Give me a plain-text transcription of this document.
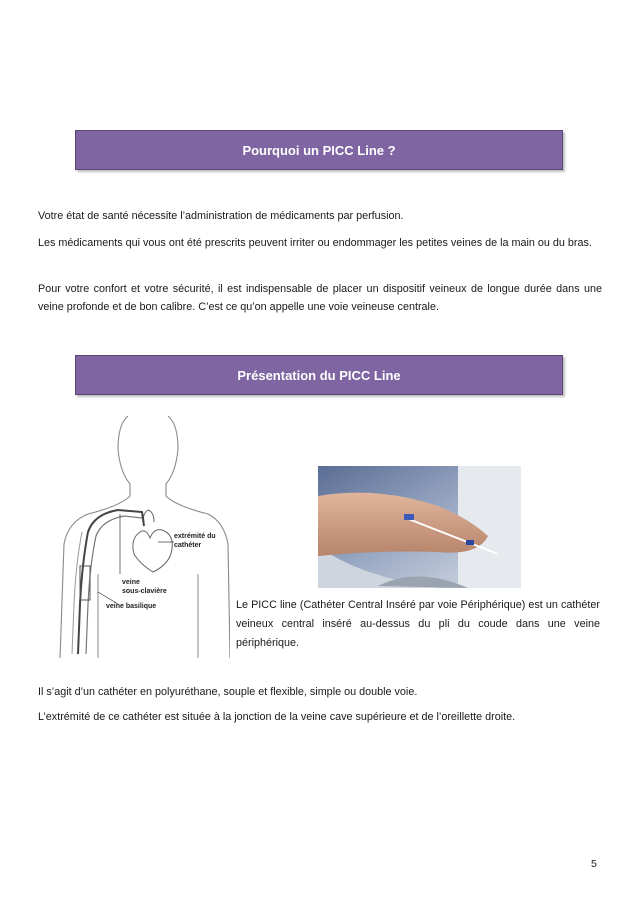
Pourquoi un PICC Line ?

Votre état de santé nécessite l’administration de médicaments par perfusion.

Les médicaments qui vous ont été prescrits peuvent irriter ou endommager les petites veines de la main ou du bras.

Pour votre confort et votre sécurité, il est indispensable de placer un dispositif veineux de longue durée dans une veine profonde et de bon calibre. C’est ce qu’on appelle une voie veineuse centrale.

Présentation du PICC Line
extrémité du cathéter
veine sous-clavière
veine basilique	Le PICC line (Cathéter Central Inséré par voie Périphérique) est un cathéter veineux central inséré au-dessus du pli du coude dans une veine périphérique.

Il s’agit d’un cathéter en polyuréthane, souple et flexible, simple ou double voie.

L’extrémité de ce cathéter est située à la jonction de la veine cave supérieure et de l’oreillette droite.

5
